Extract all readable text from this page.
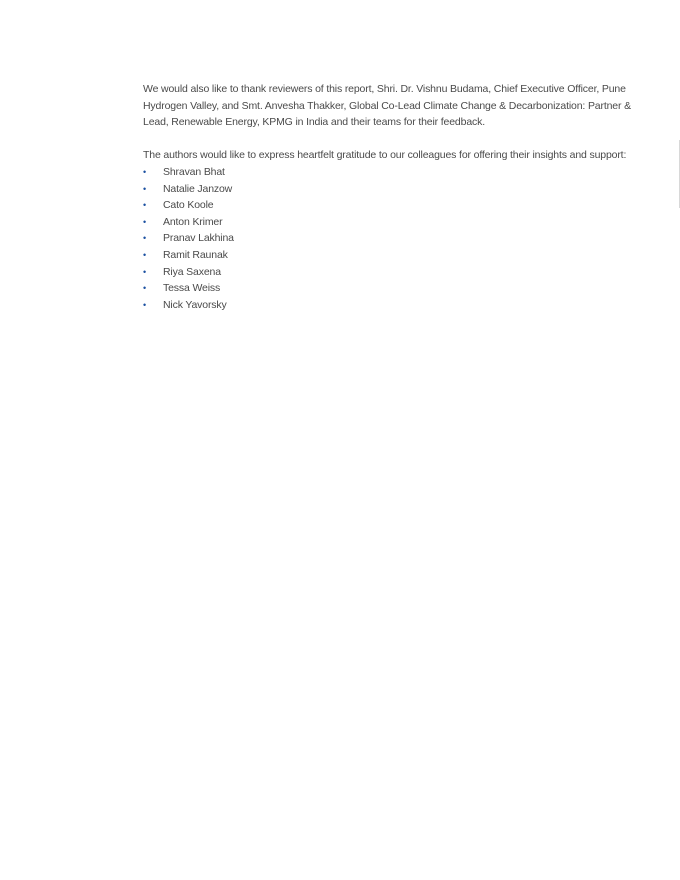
We would also like to thank reviewers of this report, Shri. Dr. Vishnu Budama, Chief Executive Officer, Pune Hydrogen Valley, and Smt. Anvesha Thakker, Global Co-Lead Climate Change & Decarbonization: Partner & Lead, Renewable Energy, KPMG in India and their teams for their feedback.

The authors would like to express heartfelt gratitude to our colleagues for offering their insights and support:

• Shravan Bhat
• Natalie Janzow
• Cato Koole
• Anton Krimer
• Pranav Lakhina
• Ramit Raunak
• Riya Saxena
• Tessa Weiss
• Nick Yavorsky
